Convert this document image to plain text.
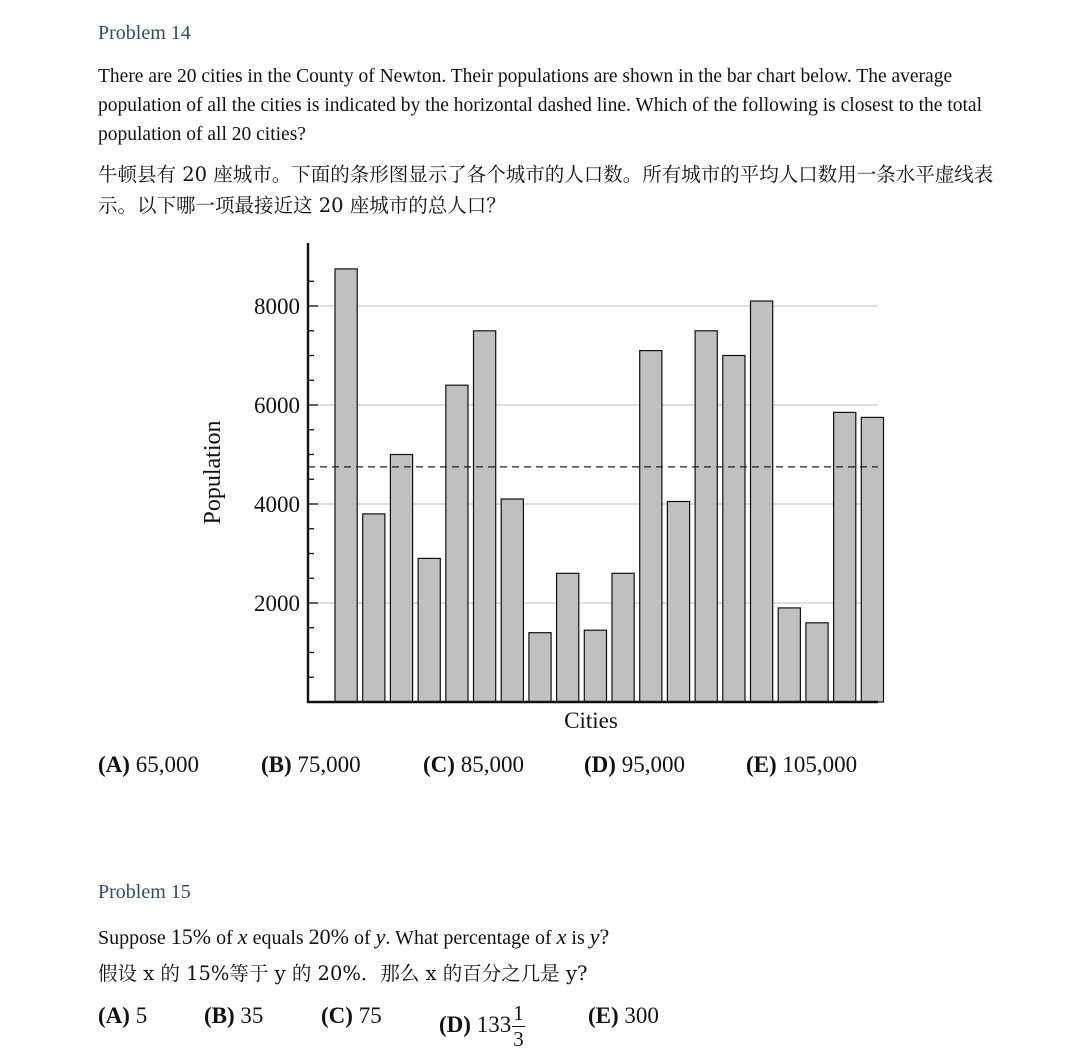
Problem 14
There are 20 cities in the County of Newton. Their populations are shown in the bar chart below. The average population of all the cities is indicated by the horizontal dashed line. Which of the following is closest to the total population of all 20 cities?
牛顿县有 20 座城市。下面的条形图显示了各个城市的人口数。所有城市的平均人口数用一条水平虚线表示。以下哪一项最接近这 20 座城市的总人口？
2000
4000
6000
8000
Cities
Population
(A) 65,000	(B) 75,000	(C) 85,000	(D) 95,000	(E) 105,000
Problem 15
Suppose 15% of x equals 20% of y. What percentage of x is y?
假设 x 的 15%等于 y 的 20%．那么 x 的百分之几是 y?
(A) 5	(B) 35	(C) 75	(D) $133 \frac{1}{3}$	(E) 300
